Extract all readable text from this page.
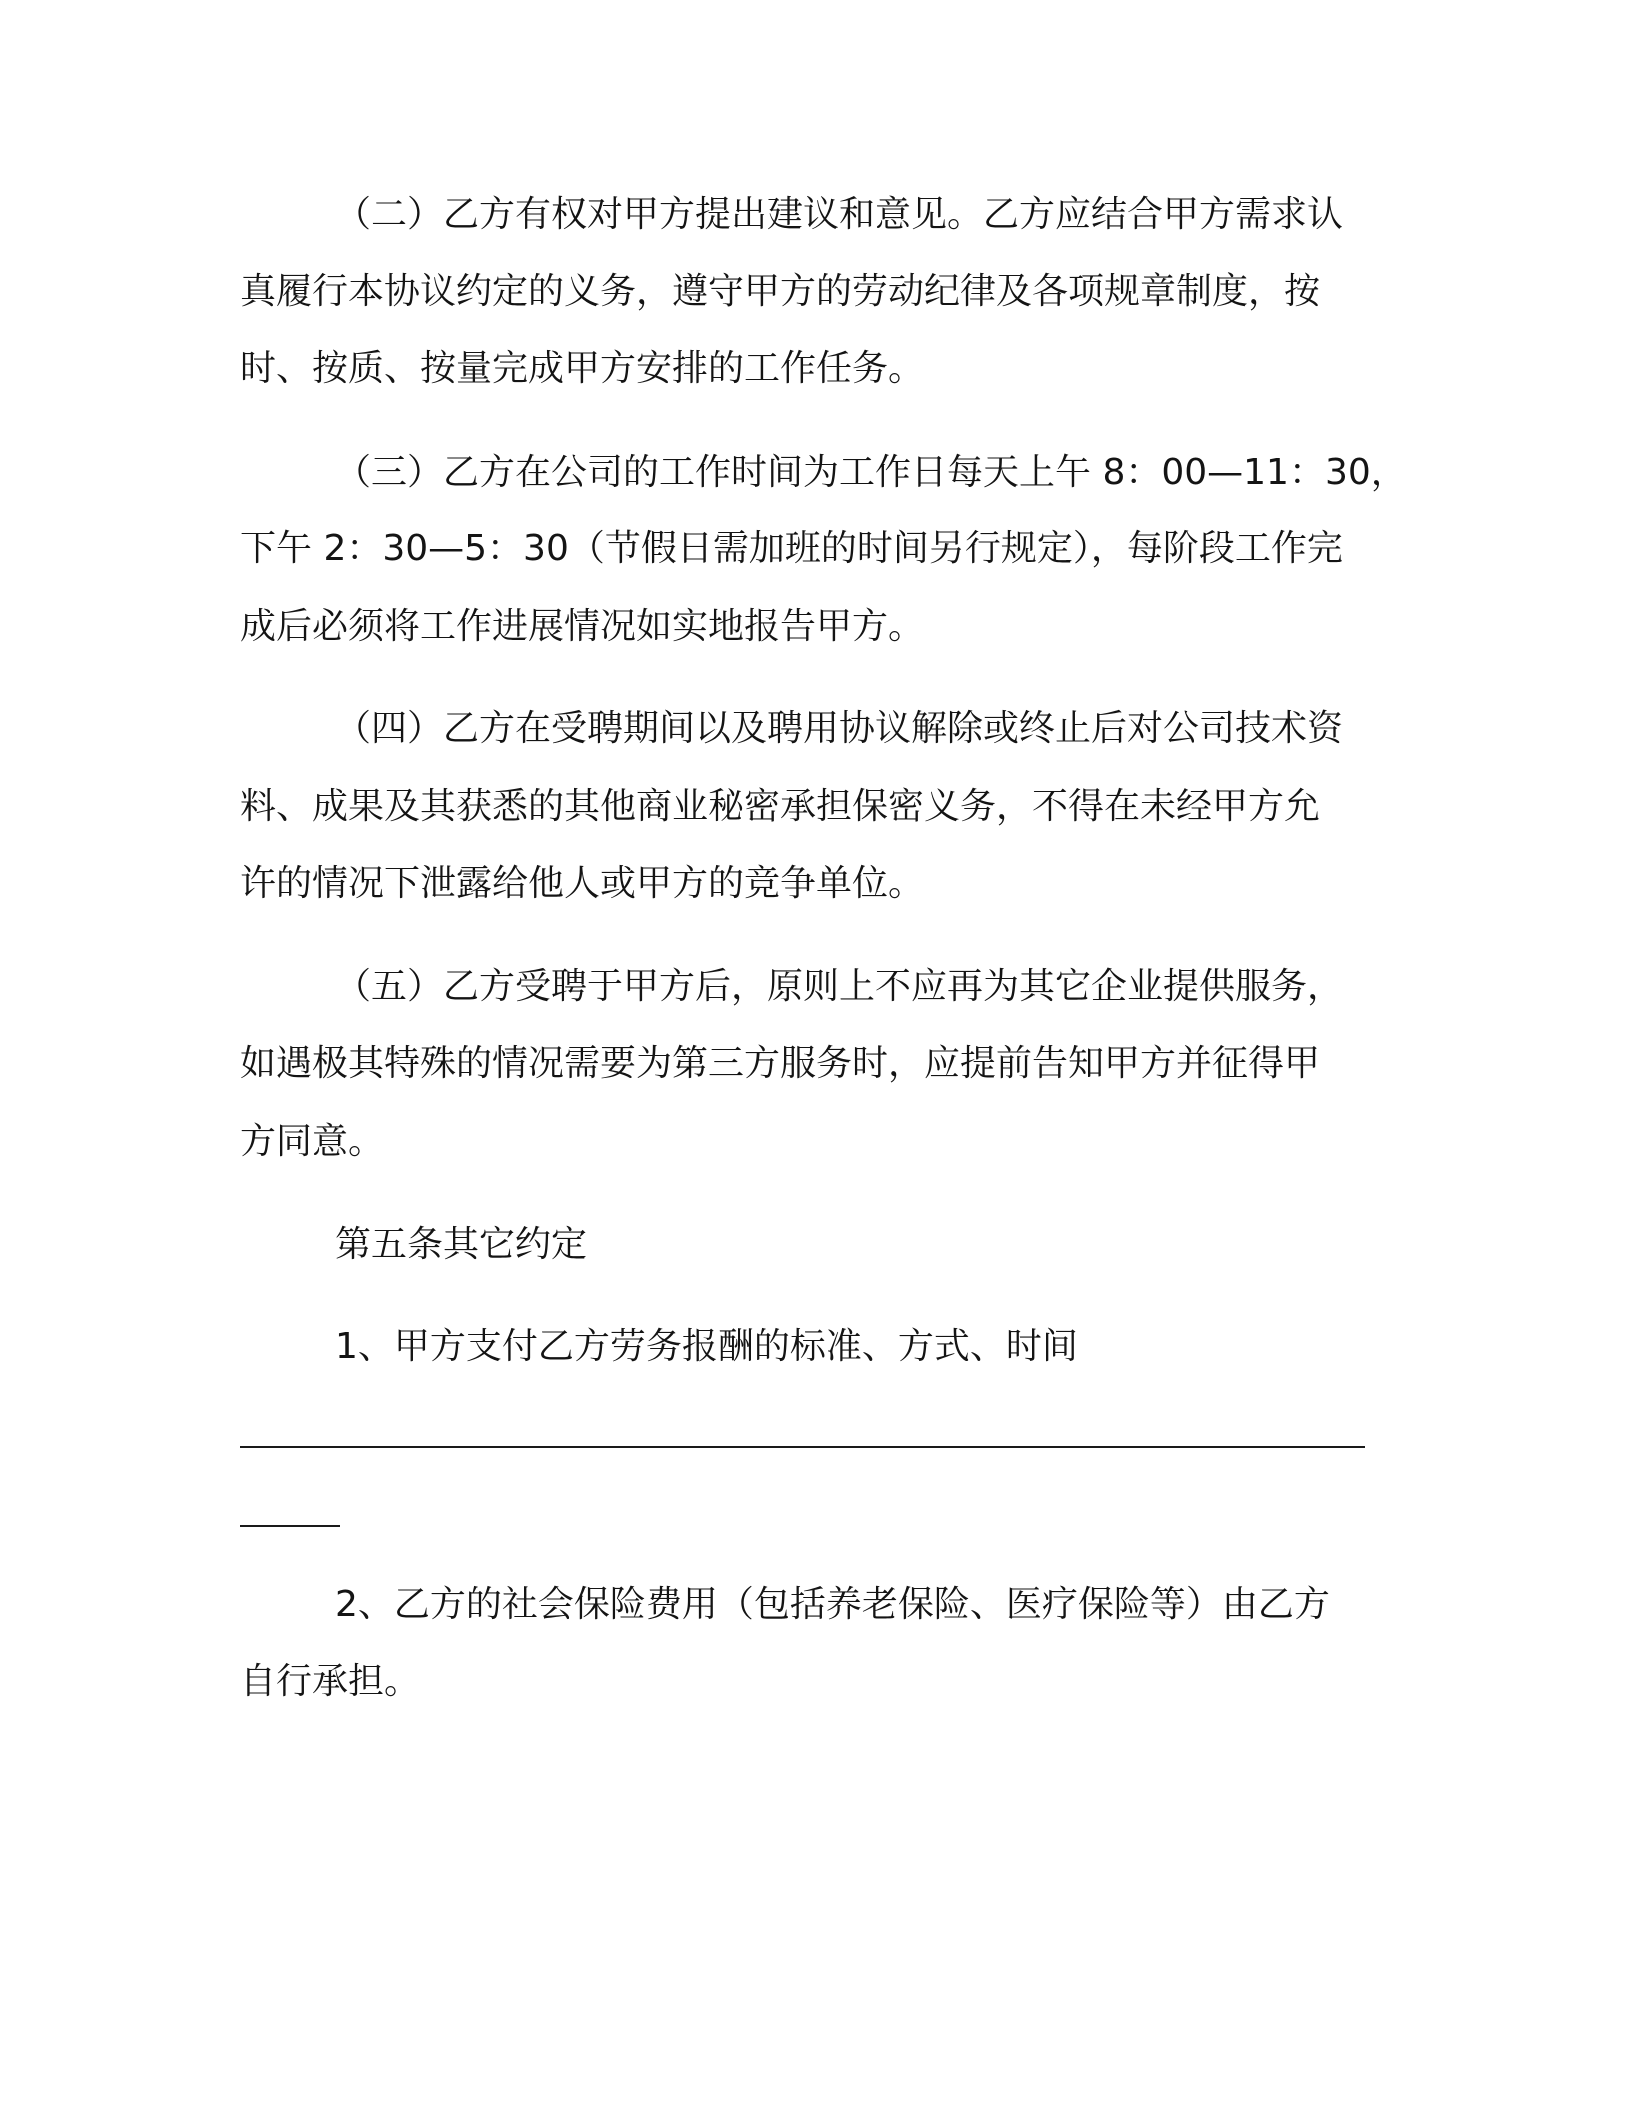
（二）乙方有权对甲方提出建议和意见。乙方应结合甲方需求认
真履行本协议约定的义务，遵守甲方的劳动纪律及各项规章制度，按
时、按质、按量完成甲方安排的工作任务。
（三）乙方在公司的工作时间为工作日每天上午 8：00—11：30，
下午 2：30—5：30（节假日需加班的时间另行规定），每阶段工作完
成后必须将工作进展情况如实地报告甲方。
（四）乙方在受聘期间以及聘用协议解除或终止后对公司技术资
料、成果及其获悉的其他商业秘密承担保密义务，不得在未经甲方允
许的情况下泄露给他人或甲方的竞争单位。
（五）乙方受聘于甲方后，原则上不应再为其它企业提供服务，
如遇极其特殊的情况需要为第三方服务时，应提前告知甲方并征得甲
方同意。
第五条其它约定
1、甲方支付乙方劳务报酬的标准、方式、时间
2、乙方的社会保险费用（包括养老保险、医疗保险等）由乙方
自行承担。
